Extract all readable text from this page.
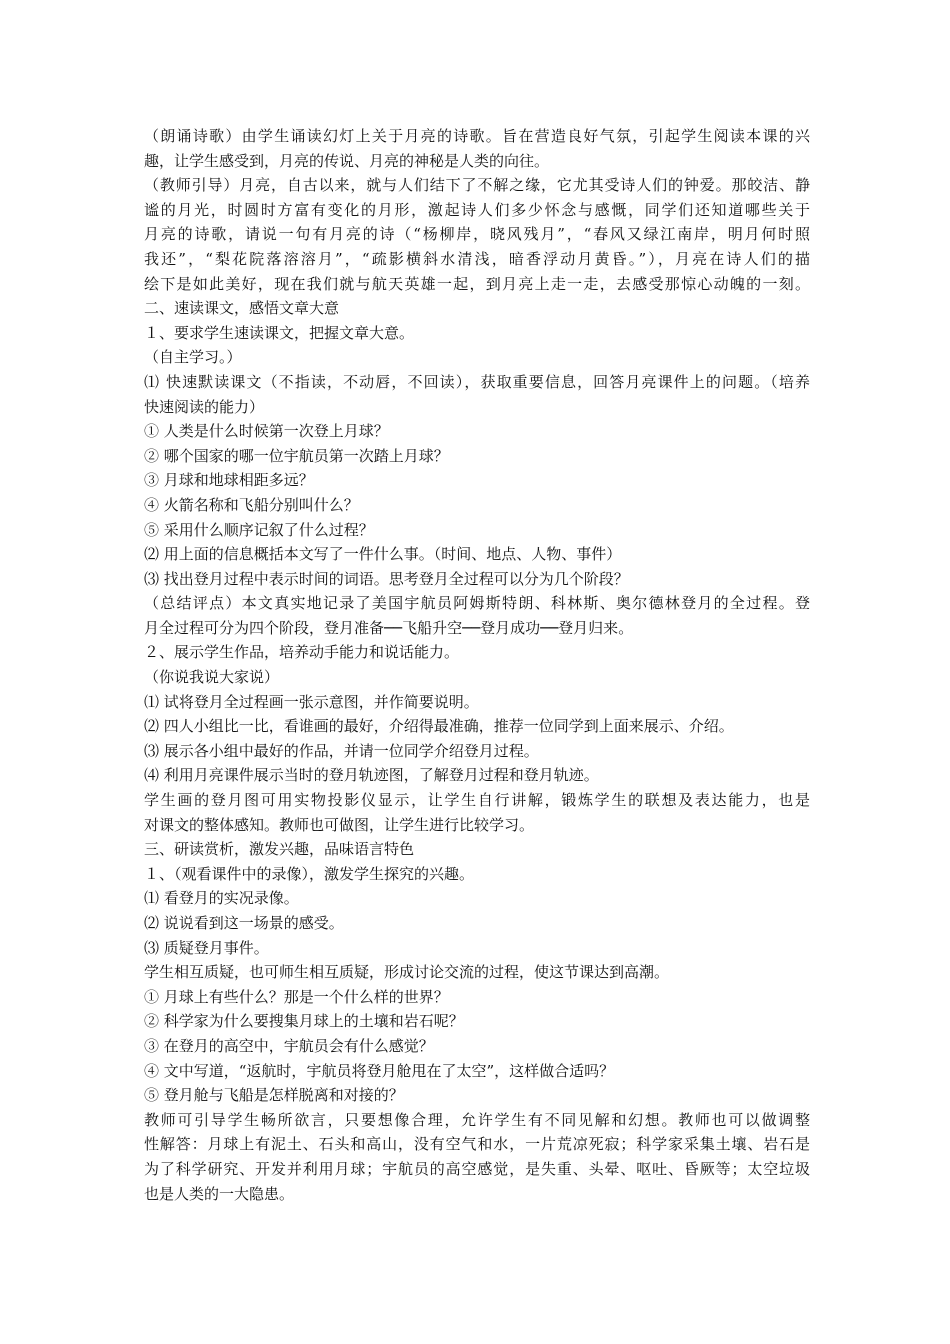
（朗诵诗歌）由学生诵读幻灯上关于月亮的诗歌。旨在营造良好气氛，引起学生阅读本课的兴
趣，让学生感受到，月亮的传说、月亮的神秘是人类的向往。
（教师引导）月亮，自古以来，就与人们结下了不解之缘，它尤其受诗人们的钟爱。那皎洁、静
谧的月光，时圆时方富有变化的月形，激起诗人们多少怀念与感慨，同学们还知道哪些关于
月亮的诗歌，请说一句有月亮的诗（“杨柳岸，晓风残月”，“春风又绿江南岸，明月何时照
我还”，“梨花院落溶溶月”，“疏影横斜水清浅，暗香浮动月黄昏。”），月亮在诗人们的描
绘下是如此美好，现在我们就与航天英雄一起，到月亮上走一走，去感受那惊心动魄的一刻。
二、速读课文，感悟文章大意
１、要求学生速读课文，把握文章大意。
（自主学习。）
⑴ 快速默读课文（不指读，不动唇，不回读），获取重要信息，回答月亮课件上的问题。（培养
快速阅读的能力）
① 人类是什么时候第一次登上月球？
② 哪个国家的哪一位宇航员第一次踏上月球？
③ 月球和地球相距多远？
④ 火箭名称和飞船分别叫什么？
⑤ 采用什么顺序记叙了什么过程？
⑵ 用上面的信息概括本文写了一件什么事。（时间、地点、人物、事件）
⑶ 找出登月过程中表示时间的词语。思考登月全过程可以分为几个阶段？
（总结评点）本文真实地记录了美国宇航员阿姆斯特朗、科林斯、奥尔德林登月的全过程。登
月全过程可分为四个阶段，登月准备──飞船升空──登月成功──登月归来。
２、展示学生作品，培养动手能力和说话能力。
（你说我说大家说）
⑴ 试将登月全过程画一张示意图，并作简要说明。
⑵ 四人小组比一比，看谁画的最好，介绍得最准确，推荐一位同学到上面来展示、介绍。
⑶ 展示各小组中最好的作品，并请一位同学介绍登月过程。
⑷ 利用月亮课件展示当时的登月轨迹图，了解登月过程和登月轨迹。
学生画的登月图可用实物投影仪显示，让学生自行讲解，锻炼学生的联想及表达能力，也是
对课文的整体感知。教师也可做图，让学生进行比较学习。
三、研读赏析，激发兴趣，品味语言特色
１、（观看课件中的录像），激发学生探究的兴趣。
⑴ 看登月的实况录像。
⑵ 说说看到这一场景的感受。
⑶ 质疑登月事件。
学生相互质疑，也可师生相互质疑，形成讨论交流的过程，使这节课达到高潮。
① 月球上有些什么？那是一个什么样的世界？
② 科学家为什么要搜集月球上的土壤和岩石呢？
③ 在登月的高空中，宇航员会有什么感觉？
④ 文中写道，“返航时，宇航员将登月舱甩在了太空”，这样做合适吗？
⑤ 登月舱与飞船是怎样脱离和对接的？
教师可引导学生畅所欲言，只要想像合理，允许学生有不同见解和幻想。教师也可以做调整
性解答：月球上有泥土、石头和高山，没有空气和水，一片荒凉死寂；科学家采集土壤、岩石是
为了科学研究、开发并利用月球；宇航员的高空感觉，是失重、头晕、呕吐、昏厥等；太空垃圾
也是人类的一大隐患。
